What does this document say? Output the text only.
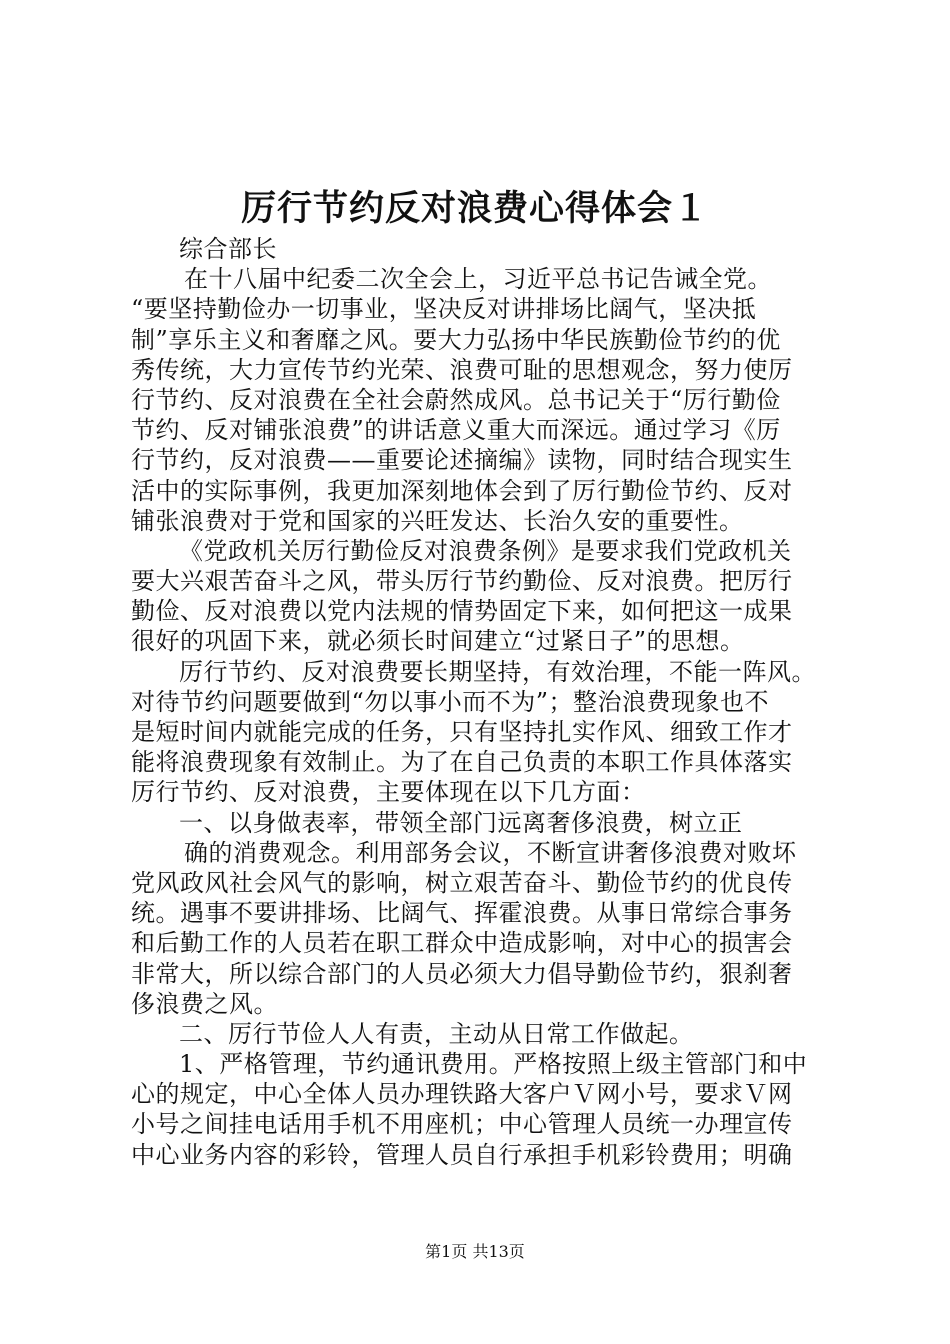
厉行节约反对浪费心得体会１
综合部长
在十八届中纪委二次全会上，习近平总书记告诫全党。
“要坚持勤俭办一切事业，坚决反对讲排场比阔气，坚决抵
制”享乐主义和奢靡之风。要大力弘扬中华民族勤俭节约的优
秀传统，大力宣传节约光荣、浪费可耻的思想观念，努力使厉
行节约、反对浪费在全社会蔚然成风。总书记关于“厉行勤俭
节约、反对铺张浪费”的讲话意义重大而深远。通过学习《厉
行节约，反对浪费——重要论述摘编》读物，同时结合现实生
活中的实际事例，我更加深刻地体会到了厉行勤俭节约、反对
铺张浪费对于党和国家的兴旺发达、长治久安的重要性。
《党政机关厉行勤俭反对浪费条例》是要求我们党政机关
要大兴艰苦奋斗之风，带头厉行节约勤俭、反对浪费。把厉行
勤俭、反对浪费以党内法规的情势固定下来，如何把这一成果
很好的巩固下来，就必须长时间建立“过紧日子”的思想。
厉行节约、反对浪费要长期坚持，有效治理，不能一阵风。
对待节约问题要做到“勿以事小而不为”；整治浪费现象也不
是短时间内就能完成的任务，只有坚持扎实作风、细致工作才
能将浪费现象有效制止。为了在自己负责的本职工作具体落实
厉行节约、反对浪费，主要体现在以下几方面：
一、以身做表率，带领全部门远离奢侈浪费，树立正
确的消费观念。利用部务会议，不断宣讲奢侈浪费对败坏
党风政风社会风气的影响，树立艰苦奋斗、勤俭节约的优良传
统。遇事不要讲排场、比阔气、挥霍浪费。从事日常综合事务
和后勤工作的人员若在职工群众中造成影响，对中心的损害会
非常大，所以综合部门的人员必须大力倡导勤俭节约，狠刹奢
侈浪费之风。
二、厉行节俭人人有责，主动从日常工作做起。
1、严格管理，节约通讯费用。严格按照上级主管部门和中
心的规定，中心全体人员办理铁路大客户Ｖ网小号，要求Ｖ网
小号之间挂电话用手机不用座机；中心管理人员统一办理宣传
中心业务内容的彩铃，管理人员自行承担手机彩铃费用；明确
第1页 共13页
